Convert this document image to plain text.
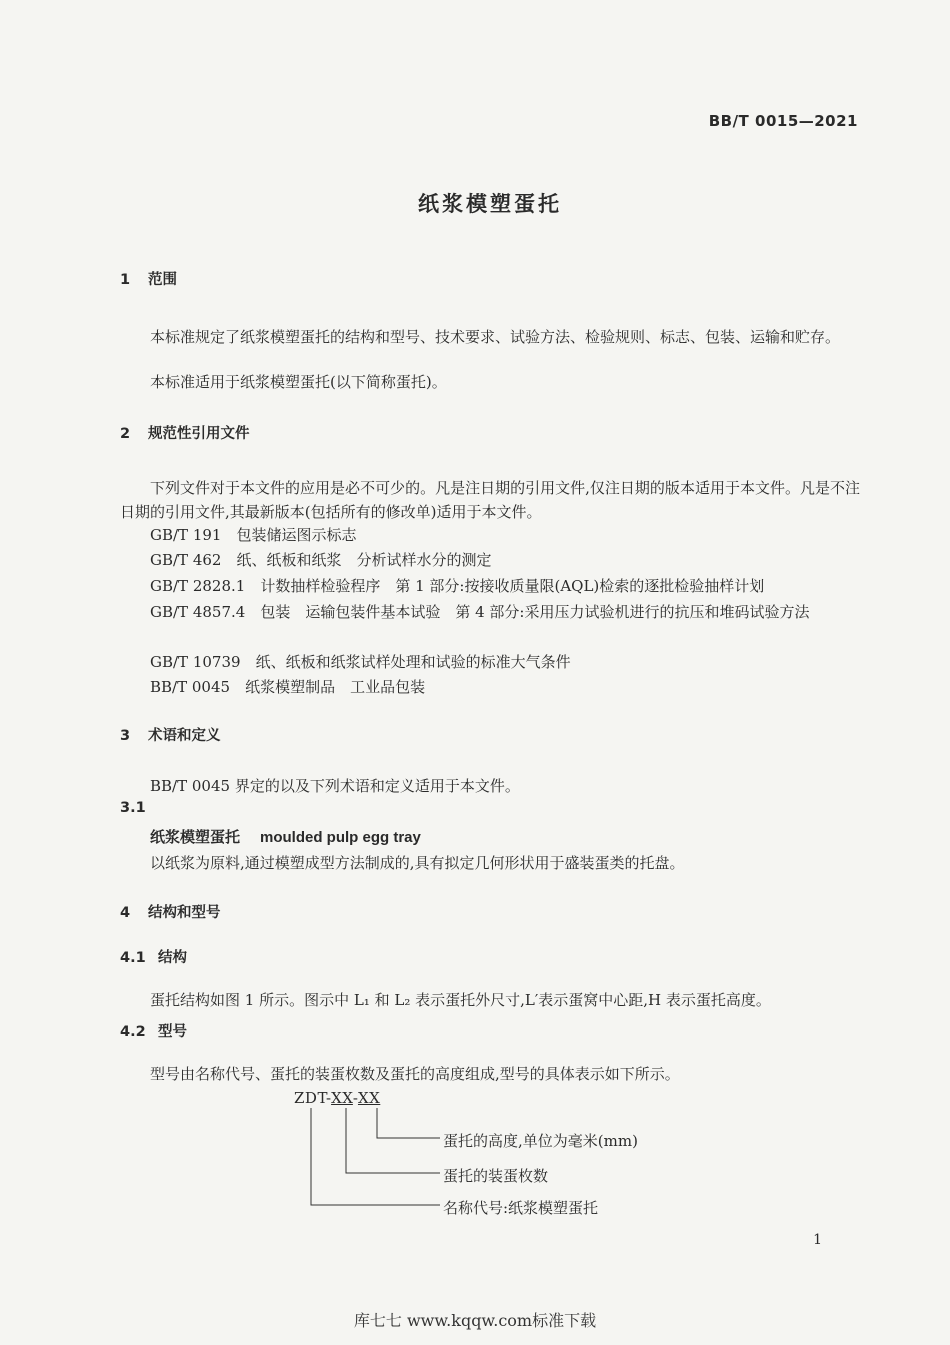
BB/T 0015—2021
纸浆模塑蛋托
1 范围
本标准规定了纸浆模塑蛋托的结构和型号、技术要求、试验方法、检验规则、标志、包装、运输和贮存。
本标准适用于纸浆模塑蛋托(以下简称蛋托)。
2 规范性引用文件
下列文件对于本文件的应用是必不可少的。凡是注日期的引用文件,仅注日期的版本适用于本文件。凡是不注日期的引用文件,其最新版本(包括所有的修改单)适用于本文件。
GB/T 191　 包装储运图示标志
GB/T 462　 纸、纸板和纸浆　分析试样水分的测定
GB/T 2828.1　 计数抽样检验程序　第 1 部分:按接收质量限(AQL)检索的逐批检验抽样计划
GB/T 4857.4　 包装　运输包装件基本试验　第 4 部分:采用压力试验机进行的抗压和堆码试验方法
GB/T 10739　 纸、纸板和纸浆试样处理和试验的标准大气条件
BB/T 0045　 纸浆模塑制品　工业品包装
3 术语和定义
BB/T 0045 界定的以及下列术语和定义适用于本文件。
3.1
纸浆模塑蛋托 moulded pulp egg tray
以纸浆为原料,通过模塑成型方法制成的,具有拟定几何形状用于盛装蛋类的托盘。
4 结构和型号
4.1 结构
蛋托结构如图 1 所示。图示中 L₁ 和 L₂ 表示蛋托外尺寸,L′表示蛋窝中心距,H 表示蛋托高度。
4.2 型号
型号由名称代号、蛋托的装蛋枚数及蛋托的高度组成,型号的具体表示如下所示。
ZDT-XX-XX
蛋托的高度,单位为毫米(mm)
蛋托的装蛋枚数
名称代号:纸浆模塑蛋托
1
库七七 www.kqqw.com标准下载
